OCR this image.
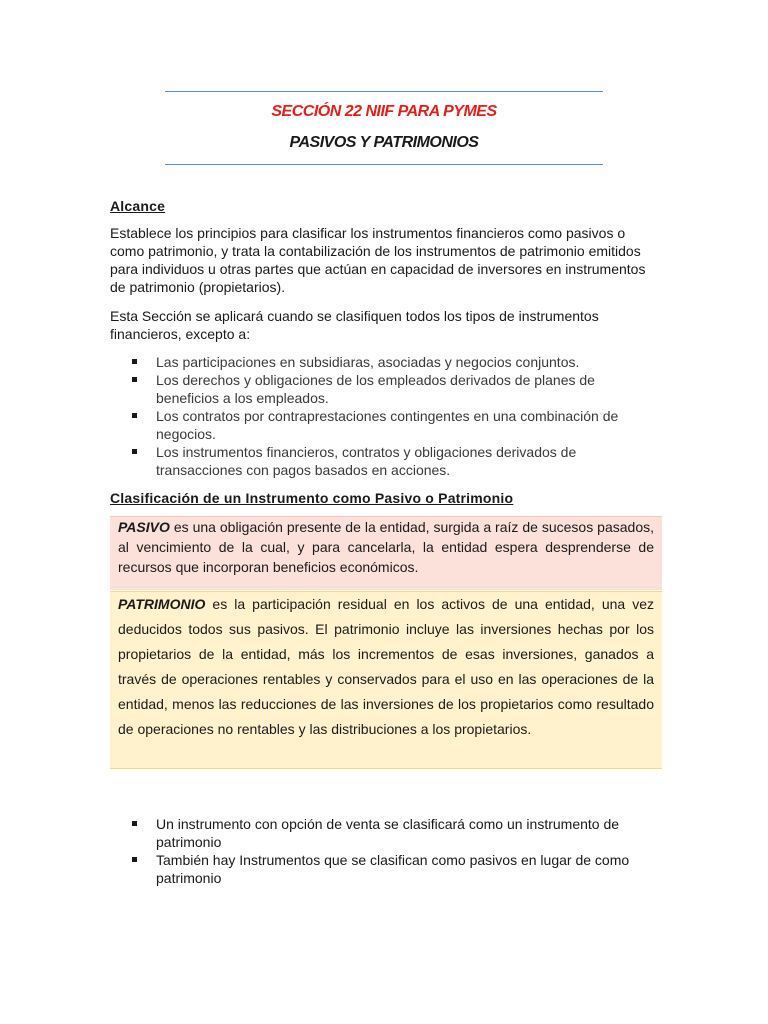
SECCIÓN 22 NIIF PARA PYMES
PASIVOS Y PATRIMONIOS
Alcance
Establece los principios para clasificar los instrumentos financieros como pasivos o como patrimonio, y trata la contabilización de los instrumentos de patrimonio emitidos para individuos u otras partes que actúan en capacidad de inversores en instrumentos de patrimonio (propietarios).
Esta Sección se aplicará cuando se clasifiquen todos los tipos de instrumentos financieros, excepto a:
Las participaciones en subsidiaras, asociadas y negocios conjuntos.
Los derechos y obligaciones de los empleados derivados de planes de beneficios a los empleados.
Los contratos por contraprestaciones contingentes en una combinación de negocios.
Los instrumentos financieros, contratos y obligaciones derivados de transacciones con pagos basados en acciones.
Clasificación de un Instrumento como Pasivo o Patrimonio
PASIVO es una obligación presente de la entidad, surgida a raíz de sucesos pasados, al vencimiento de la cual, y para cancelarla, la entidad espera desprenderse de recursos que incorporan beneficios económicos.
PATRIMONIO es la participación residual en los activos de una entidad, una vez deducidos todos sus pasivos. El patrimonio incluye las inversiones hechas por los propietarios de la entidad, más los incrementos de esas inversiones, ganados a través de operaciones rentables y conservados para el uso en las operaciones de la entidad, menos las reducciones de las inversiones de los propietarios como resultado de operaciones no rentables y las distribuciones a los propietarios.
Un instrumento con opción de venta se clasificará como un instrumento de patrimonio
También hay Instrumentos que se clasifican como pasivos en lugar de como patrimonio
